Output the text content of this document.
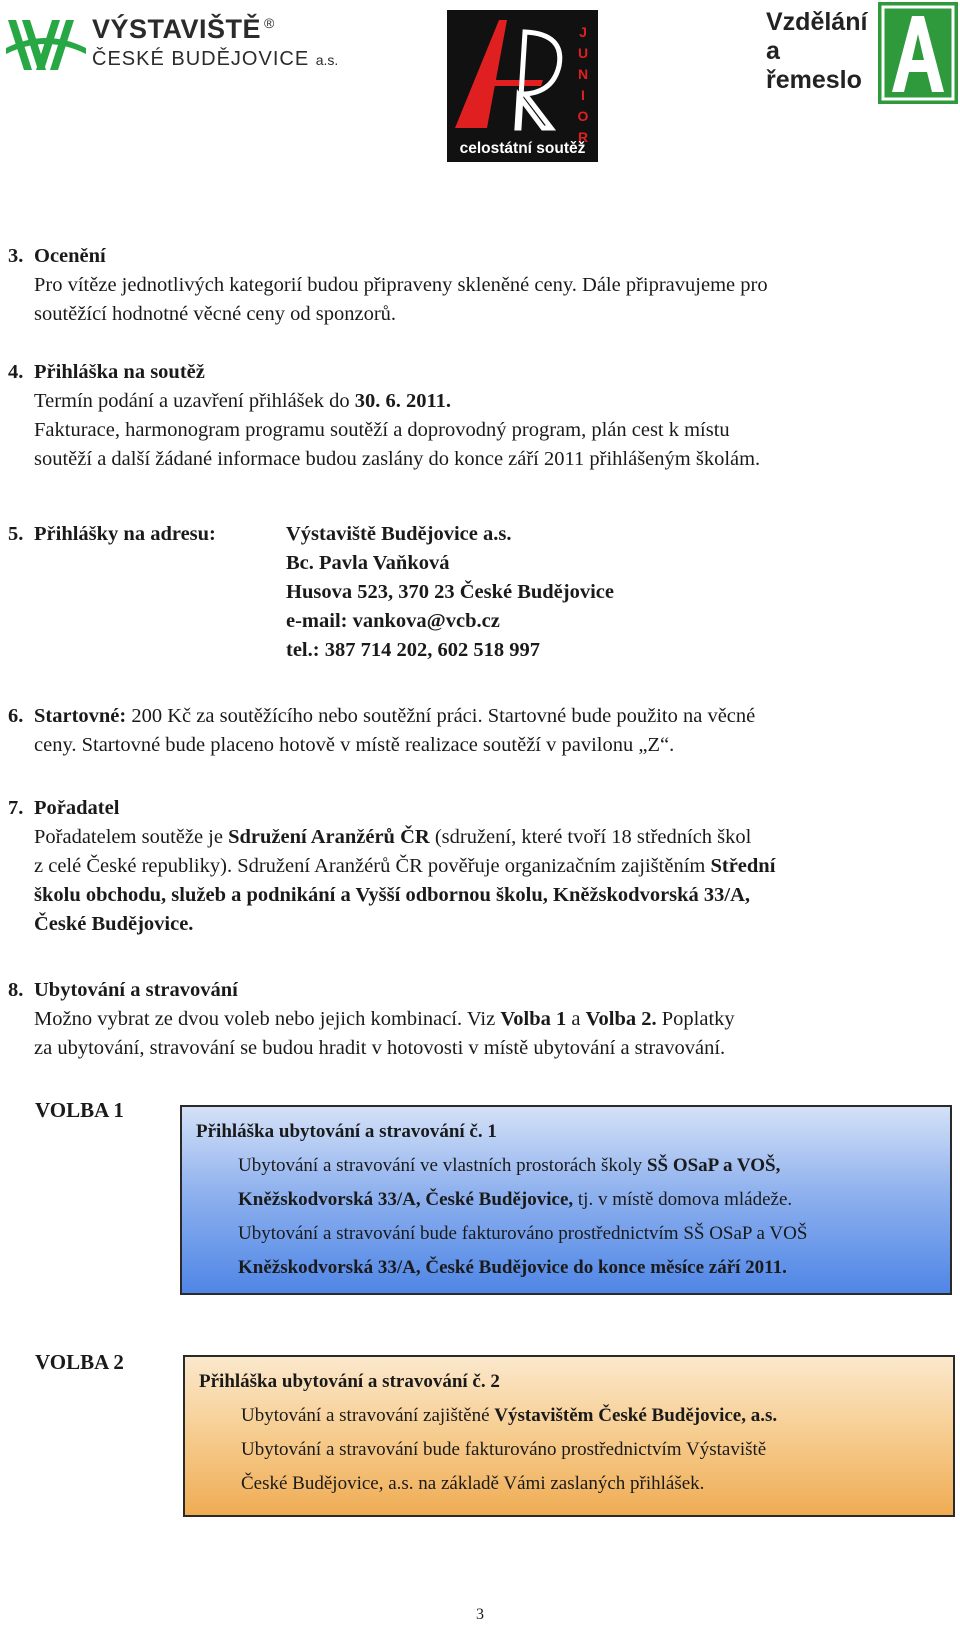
VÝSTAVIŠTĚ ®
ČESKÉ BUDĚJOVICE a.s.
J
U
N
I
O
R
celostátní soutěž
Vzdělání
a
řemeslo
3. Ocenění
Pro vítěze jednotlivých kategorií budou připraveny skleněné ceny. Dále připravujeme pro
soutěžící hodnotné věcné ceny od sponzorů.
4. Přihláška na soutěž
Termín podání a uzavření přihlášek do 30. 6. 2011.
Fakturace, harmonogram programu soutěží a doprovodný program, plán cest k místu
soutěží a další žádané informace budou zaslány do konce září 2011 přihlášeným školám.
5. Přihlášky na adresu:	Výstaviště Budějovice a.s.
Bc. Pavla Vaňková
Husova 523, 370 23 České Budějovice
e-mail: vankova@vcb.cz
tel.: 387 714 202, 602 518 997
6. Startovné: 200 Kč za soutěžícího nebo soutěžní práci. Startovné bude použito na věcné
ceny. Startovné bude placeno hotově v místě realizace soutěží v pavilonu „Z“.
7. Pořadatel
Pořadatelem soutěže je Sdružení Aranžérů ČR (sdružení, které tvoří 18 středních škol
z celé České republiky). Sdružení Aranžérů ČR pověřuje organizačním zajištěním Střední
školu obchodu, služeb a podnikání a Vyšší odbornou školu, Kněžskodvorská 33/A,
České Budějovice.
8. Ubytování a stravování
Možno vybrat ze dvou voleb nebo jejich kombinací. Viz Volba 1 a Volba 2. Poplatky
za ubytování, stravování se budou hradit v hotovosti v místě ubytování a stravování.
VOLBA 1
Přihláška ubytování a stravování č. 1
Ubytování a stravování ve vlastních prostorách školy SŠ OSaP a VOŠ,
Kněžskodvorská 33/A, České Budějovice, tj. v místě domova mládeže.
Ubytování a stravování bude fakturováno prostřednictvím SŠ OSaP a VOŠ
Kněžskodvorská 33/A, České Budějovice do konce měsíce září 2011.
VOLBA 2
Přihláška ubytování a stravování č. 2
Ubytování a stravování zajištěné Výstavištěm České Budějovice, a.s.
Ubytování a stravování bude fakturováno prostřednictvím Výstaviště
České Budějovice, a.s. na základě Vámi zaslaných přihlášek.
3
